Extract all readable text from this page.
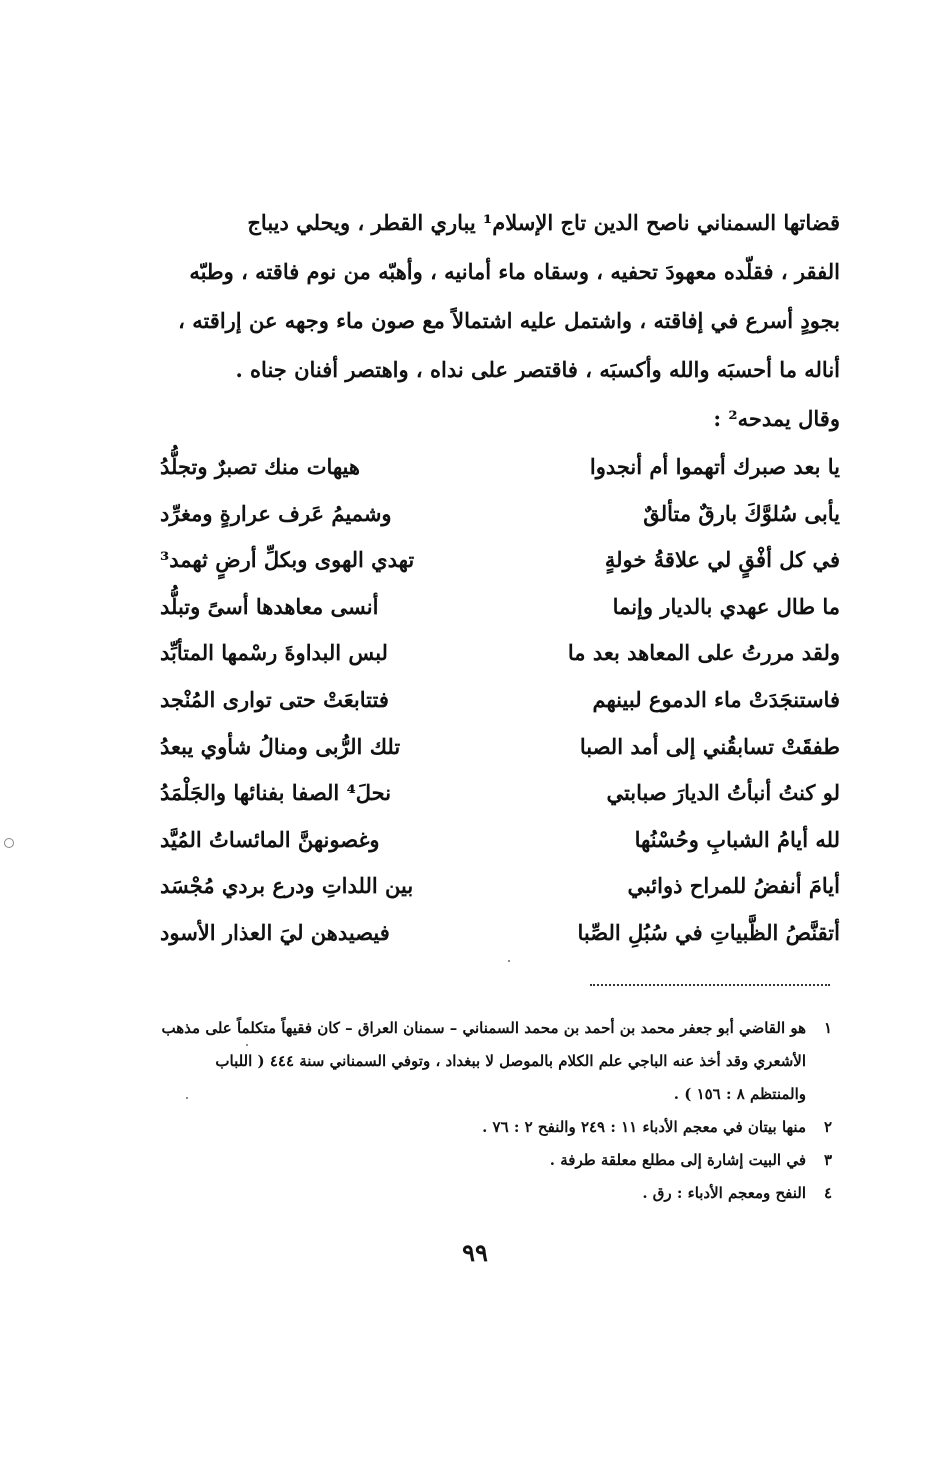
قضاتها السمناني ناصح الدين تاج الإسلام¹ يباري القطر ، ويحلي ديباج
الفقر ، فقلّده معهودَ تحفيه ، وسقاه ماء أمانيه ، وأهبّه من نوم فاقته ، وطبّه
بجودٍ أسرع في إفاقته ، واشتمل عليه اشتمالاً مع صون ماء وجهه عن إراقته ،
أناله ما أحسبَه والله وأكسبَه ، فاقتصر على نداه ، واهتصر أفنان جناه .
وقال يمدحه² :
يا بعد صبرك أتهموا أم أنجدوا
هيهات منك تصبرٌ وتجلُّدُ
يأبى سُلوَّكَ بارقٌ متألقٌ
وشميمُ عَرف عرارةٍ ومغرِّد
في كل أفْقٍ لي علاقةُ خولةٍ
تهدي الهوى وبكلِّ أرضٍ ثهمد³
ما طال عهدي بالديار وإنما
أنسى معاهدها أسىً وتبلُّد
ولقد مررتُ على المعاهد بعد ما
لبس البداوةَ رسْمها المتأبِّد
فاستنجَدَتْ ماء الدموع لبينهم
فتتابعَتْ حتى توارى المُنْجد
طفقَتْ تسابقُني إلى أمد الصبا
تلك الرُّبى ومنالُ شأوي يبعدُ
لو كنتُ أنبأتُ الديارَ صبابتي
نحلَ⁴ الصفا بفنائها والجَلْمَدُ
لله أيامُ الشبابِ وحُسْنُها
وغصونهنَّ المائساتُ المُيَّد
أيامَ أنفضُ للمراح ذوائبي
بين اللداتِ ودرع بردي مُجْسَد
أتقنَّصُ الظَّبياتِ في سُبُلِ الصِّبا
فيصيدهن ليَ العذار الأسود
١
هو القاضي أبو جعفر محمد بن أحمد بن محمد السمناني – سمنان العراق – كان فقيهاً متكلماً على مذهب الأشعري وقد أخذ عنه الباجي علم الكلام بالموصل لا ببغداد ، وتوفي السمناني سنة ٤٤٤ ( اللباب والمنتظم ٨ : ١٥٦ ) .
٢
منها بيتان في معجم الأدباء ١١ : ٢٤٩ والنفح ٢ : ٧٦ .
٣
في البيت إشارة إلى مطلع معلقة طرفة .
٤
النفح ومعجم الأدباء : رق .
٩٩
